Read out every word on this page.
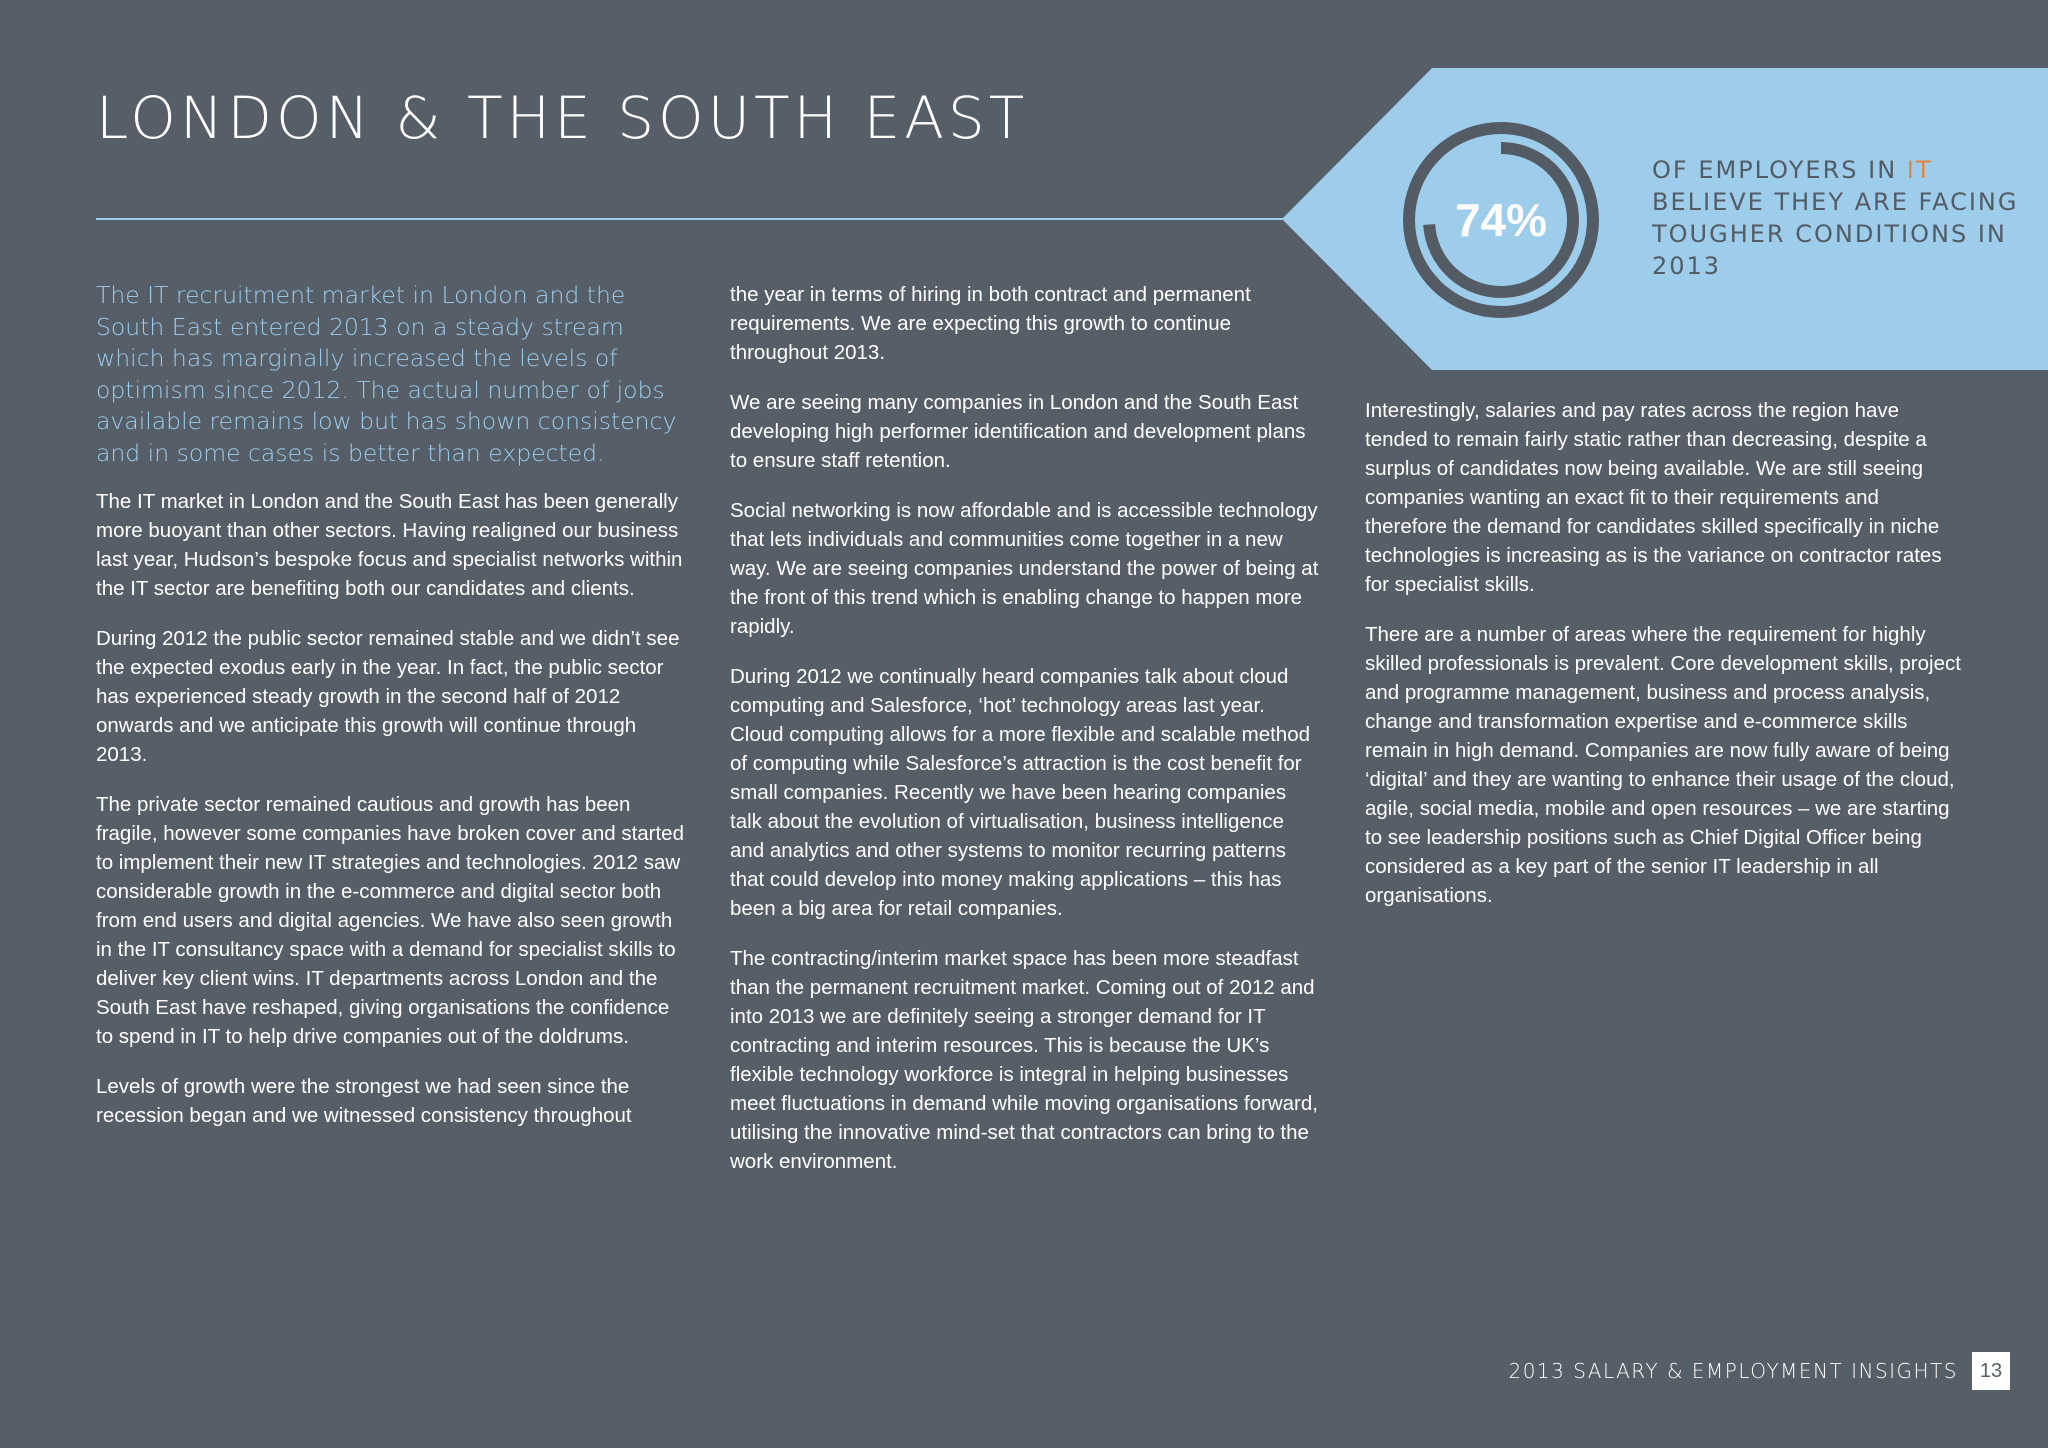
LONDON & THE SOUTH EAST
74%

OF EMPLOYERS IN IT BELIEVE THEY ARE FACING TOUGHER CONDITIONS IN 2013

The IT recruitment market in London and the South East entered 2013 on a steady stream which has marginally increased the levels of optimism since 2012. The actual number of jobs available remains low but has shown consistency and in some cases is better than expected.

The IT market in London and the South East has been generally more buoyant than other sectors. Having realigned our business last year, Hudson’s bespoke focus and specialist networks within the IT sector are benefiting both our candidates and clients.

During 2012 the public sector remained stable and we didn’t see the expected exodus early in the year. In fact, the public sector has experienced steady growth in the second half of 2012 onwards and we anticipate this growth will continue through 2013.

The private sector remained cautious and growth has been fragile, however some companies have broken cover and started to implement their new IT strategies and technologies. 2012 saw considerable growth in the e-commerce and digital sector both from end users and digital agencies. We have also seen growth in the IT consultancy space with a demand for specialist skills to deliver key client wins. IT departments across London and the South East have reshaped, giving organisations the confidence to spend in IT to help drive companies out of the doldrums.

Levels of growth were the strongest we had seen since the recession began and we witnessed consistency throughout

the year in terms of hiring in both contract and permanent requirements. We are expecting this growth to continue throughout 2013.

We are seeing many companies in London and the South East developing high performer identification and development plans to ensure staff retention.

Social networking is now affordable and is accessible technology that lets individuals and communities come together in a new way. We are seeing companies understand the power of being at the front of this trend which is enabling change to happen more rapidly.

During 2012 we continually heard companies talk about cloud computing and Salesforce, ‘hot’ technology areas last year. Cloud computing allows for a more flexible and scalable method of computing while Salesforce’s attraction is the cost benefit for small companies. Recently we have been hearing companies talk about the evolution of virtualisation, business intelligence and analytics and other systems to monitor recurring patterns that could develop into money making applications – this has been a big area for retail companies.

The contracting/interim market space has been more steadfast than the permanent recruitment market. Coming out of 2012 and into 2013 we are definitely seeing a stronger demand for IT contracting and interim resources. This is because the UK’s flexible technology workforce is integral in helping businesses meet fluctuations in demand while moving organisations forward, utilising the innovative mind-set that contractors can bring to the work environment.

Interestingly, salaries and pay rates across the region have tended to remain fairly static rather than decreasing, despite a surplus of candidates now being available. We are still seeing companies wanting an exact fit to their requirements and therefore the demand for candidates skilled specifically in niche technologies is increasing as is the variance on contractor rates for specialist skills.

There are a number of areas where the requirement for highly skilled professionals is prevalent. Core development skills, project and programme management, business and process analysis, change and transformation expertise and e-commerce skills remain in high demand. Companies are now fully aware of being ‘digital’ and they are wanting to enhance their usage of the cloud, agile, social media, mobile and open resources – we are starting to see leadership positions such as Chief Digital Officer being considered as a key part of the senior IT leadership in all organisations.

2013 SALARY & EMPLOYMENT INSIGHTS	13
